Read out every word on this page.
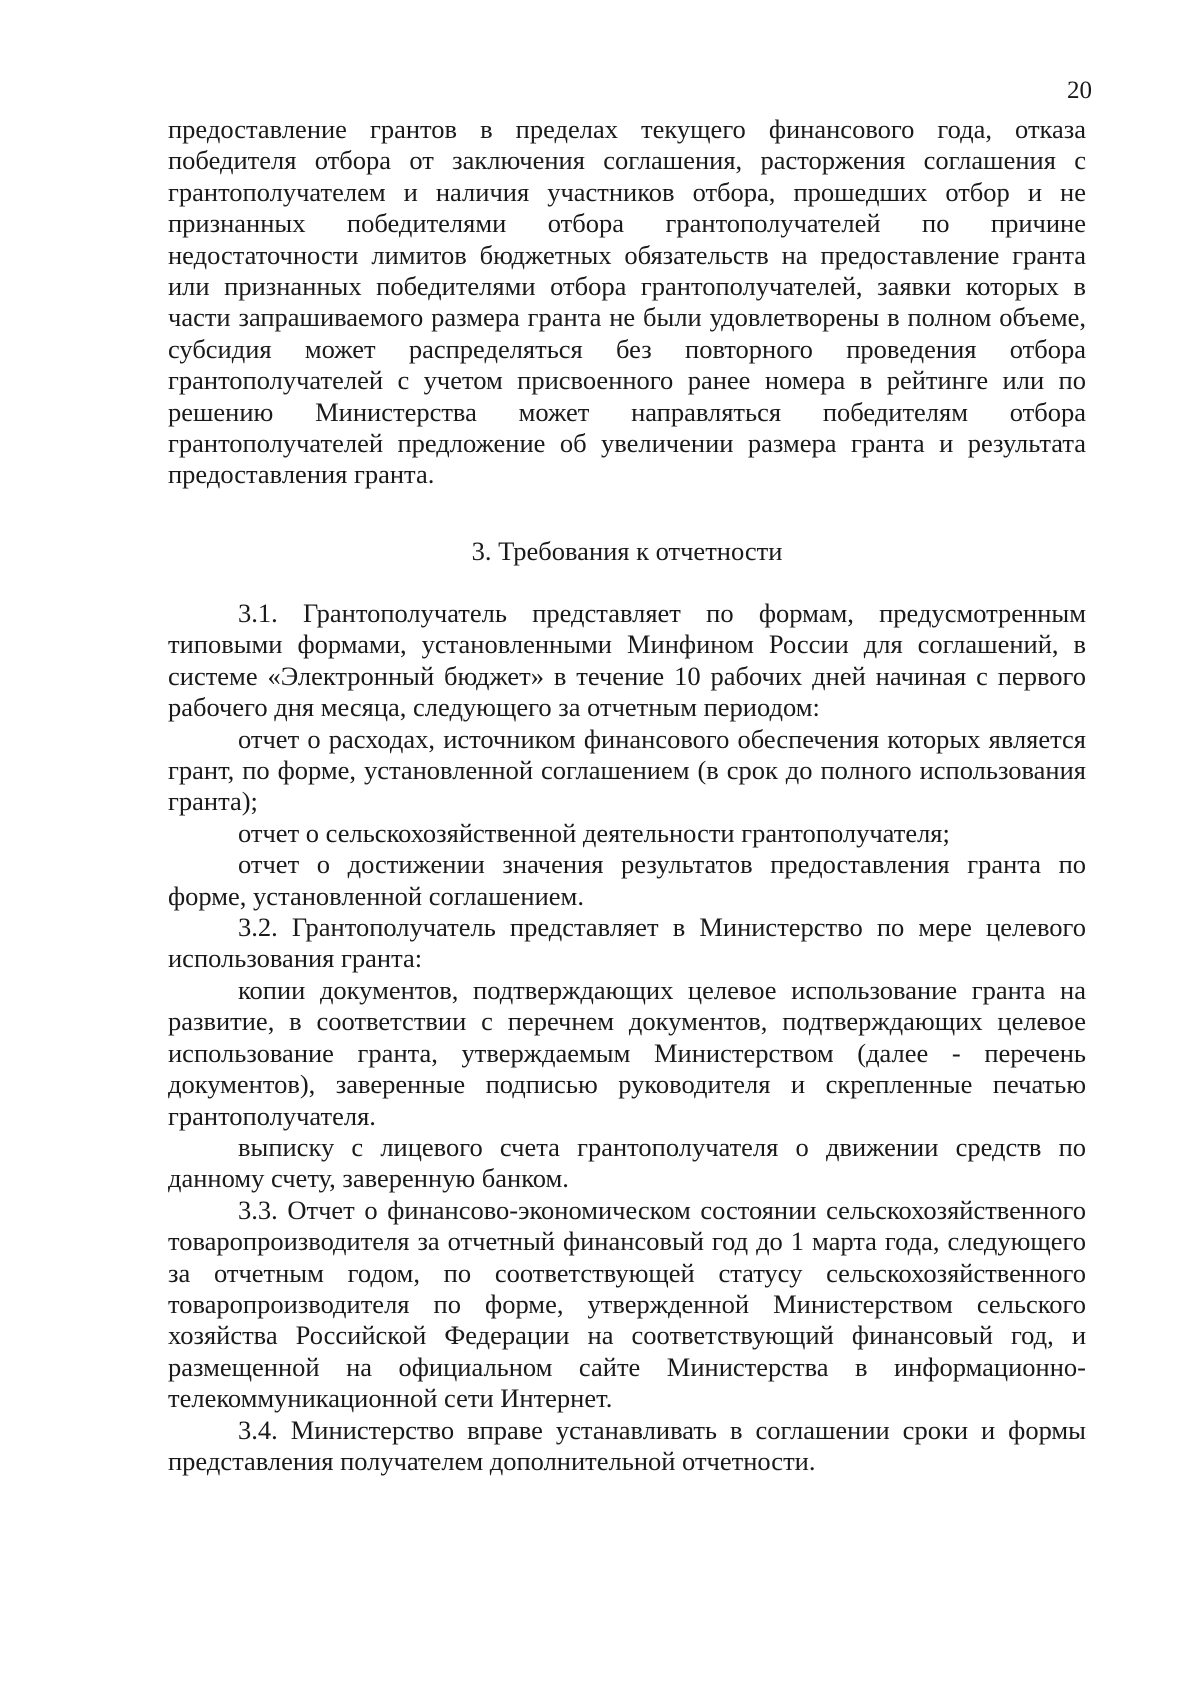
20

предоставление грантов в пределах текущего финансового года, отказа победителя отбора от заключения соглашения, расторжения соглашения с грантополучателем и наличия участников отбора, прошедших отбор и не признанных победителями отбора грантополучателей по причине недостаточности лимитов бюджетных обязательств на предоставление гранта или признанных победителями отбора грантополучателей, заявки которых в части запрашиваемого размера гранта не были удовлетворены в полном объеме, субсидия может распределяться без повторного проведения отбора грантополучателей с учетом присвоенного ранее номера в рейтинге или по решению Министерства может направляться победителям отбора грантополучателей предложение об увеличении размера гранта и результата предоставления гранта.

3. Требования к отчетности

3.1. Грантополучатель представляет по формам, предусмотренным типовыми формами, установленными Минфином России для соглашений, в системе «Электронный бюджет» в течение 10 рабочих дней начиная с первого рабочего дня месяца, следующего за отчетным периодом:

отчет о расходах, источником финансового обеспечения которых является грант, по форме, установленной соглашением (в срок до полного использования гранта);

отчет о сельскохозяйственной деятельности грантополучателя;

отчет о достижении значения результатов предоставления гранта по форме, установленной соглашением.

3.2. Грантополучатель представляет в Министерство по мере целевого использования гранта:

копии документов, подтверждающих целевое использование гранта на развитие, в соответствии с перечнем документов, подтверждающих целевое использование гранта, утверждаемым Министерством (далее - перечень документов), заверенные подписью руководителя и скрепленные печатью грантополучателя.

выписку с лицевого счета грантополучателя о движении средств по данному счету, заверенную банком.

3.3. Отчет о финансово-экономическом состоянии сельскохозяйственного товаропроизводителя за отчетный финансовый год до 1 марта года, следующего за отчетным годом, по соответствующей статусу сельскохозяйственного товаропроизводителя по форме, утвержденной Министерством сельского хозяйства Российской Федерации на соответствующий финансовый год, и размещенной на официальном сайте Министерства в информационно-телекоммуникационной сети Интернет.

3.4. Министерство вправе устанавливать в соглашении сроки и формы представления получателем дополнительной отчетности.
